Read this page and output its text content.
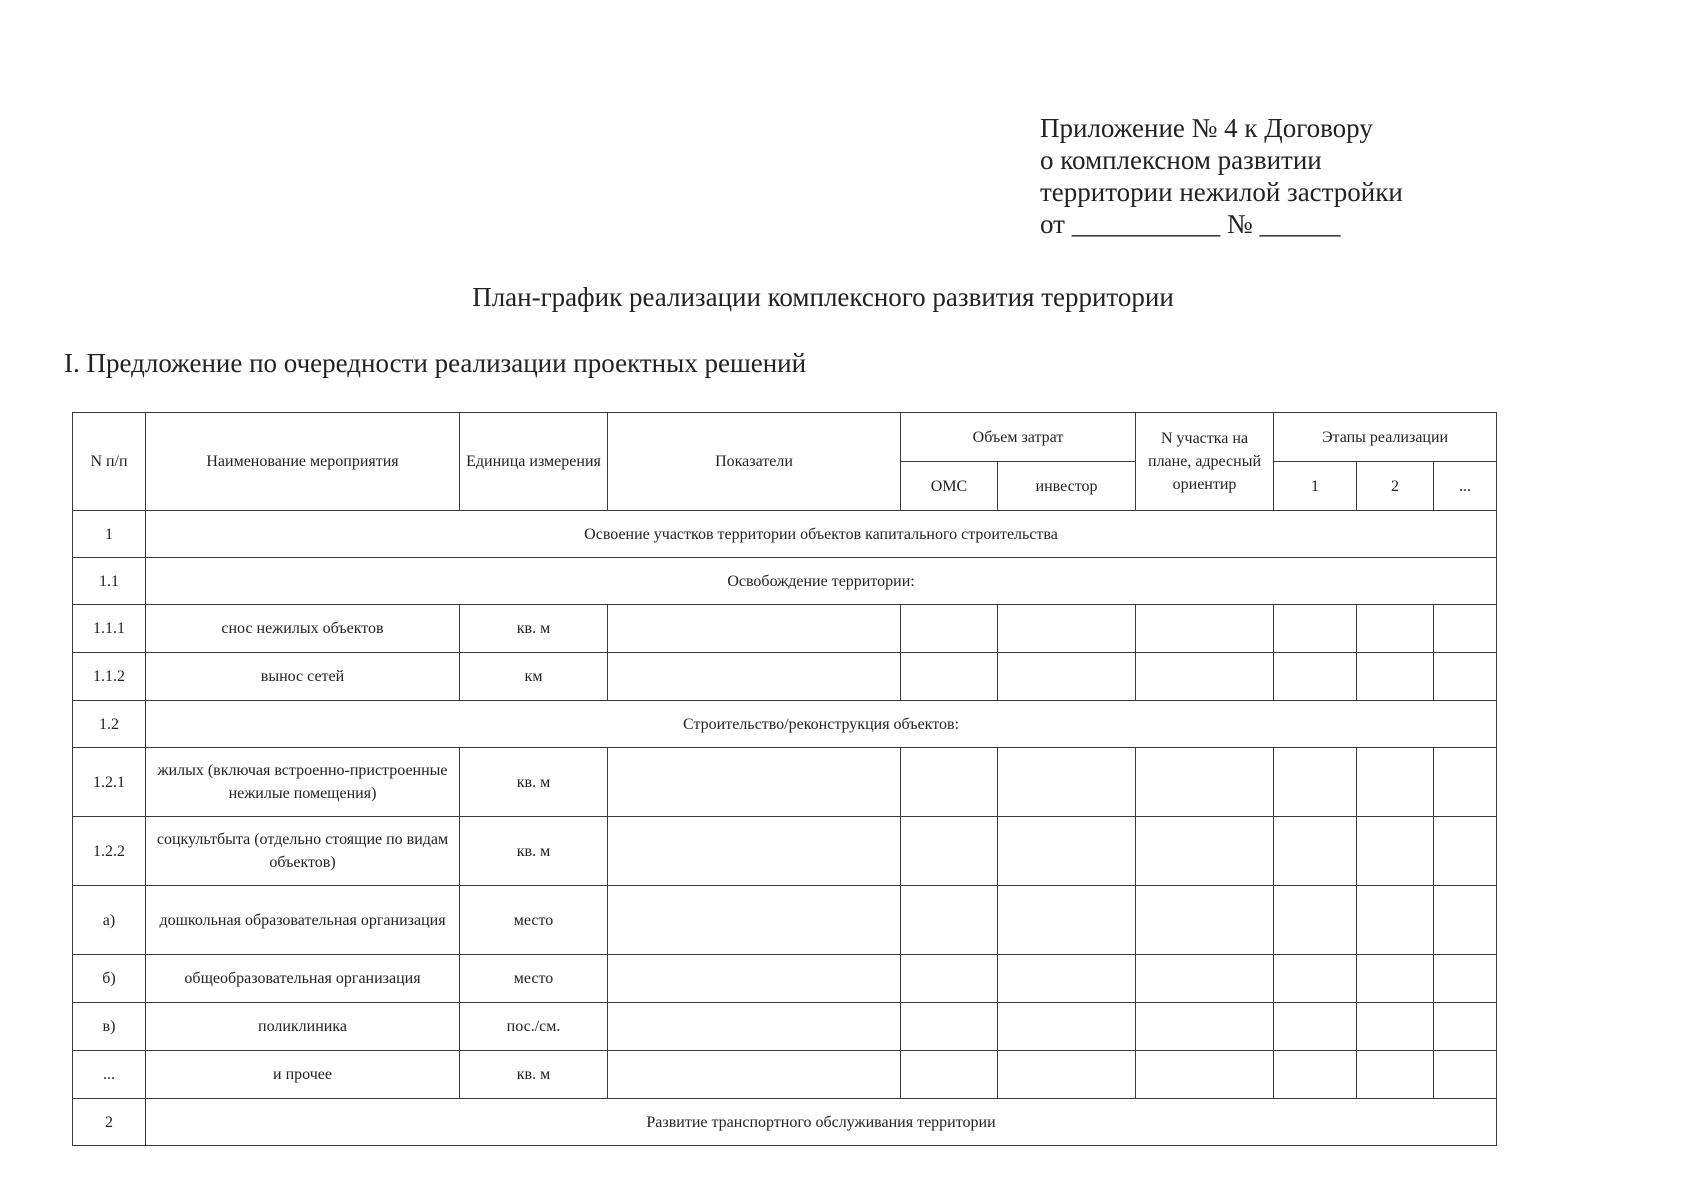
Приложение № 4 к Договору
о комплексном развитии
территории нежилой застройки
от ___________ № ______
План-график реализации комплексного развития территории
I. Предложение по очередности реализации проектных решений
N п/п	Наименование мероприятия	Единица измерения	Показатели	Объем затрат		N участка на плане, адресный ориентир	Этапы реализации		
				ОМС	инвестор		1	2	...
1	Освоение участков территории объектов капитального строительства								
1.1	Освобождение территории:								
1.1.1	снос нежилых объектов	кв. м							
1.1.2	вынос сетей	км							
1.2	Строительство/реконструкция объектов:								
1.2.1	жилых (включая встроенно-пристроенные нежилые помещения)	кв. м							
1.2.2	соцкультбыта (отдельно стоящие по видам объектов)	кв. м							
а)	дошкольная образовательная организация	место							
б)	общеобразовательная организация	место							
в)	поликлиника	пос./см.							
...	и прочее	кв. м							
2	Развитие транспортного обслуживания территории								
